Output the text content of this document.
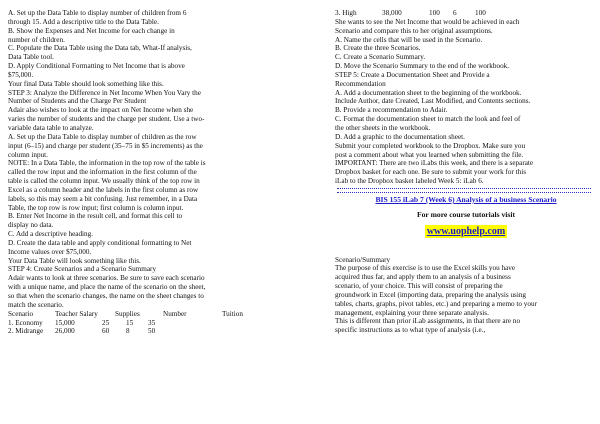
A. Set up the Data Table to display number of children from 6
through 15. Add a descriptive title to the Data Table.
B. Show the Expenses and Net Income for each change in
number of children.
C. Populate the Data Table using the Data tab, What-If analysis,
Data Table tool.
D. Apply Conditional Formatting to Net Income that is above
$75,000.
Your final Data Table should look something like this.
STEP 3: Analyze the Difference in Net Income When You Vary the
Number of Students and the Charge Per Student
Adair also wishes to look at the impact on Net Income when she
varies the number of students and the charge per student. Use a two-
variable data table to analyze.
A. Set up the Data Table to display number of children as the row
input (6–15) and charge per student (35–75 in $5 increments) as the
column input.
NOTE: In a Data Table, the information in the top row of the table is
called the row input and the information in the first column of the
table is called the column input. We usually think of the top row in
Excel as a column header and the labels in the first column as row
labels, so this may seem a bit confusing. Just remember, in a Data
Table, the top row is row input; first column is column input.
B. Enter Net Income in the result cell, and format this cell to
display no data.
C. Add a descriptive heading.
D. Create the data table and apply conditional formatting to Net
Income values over $75,000.
Your Data Table will look something like this.
STEP 4: Create Scenarios and a Scenario Summary
Adair wants to look at three scenarios. Be sure to save each scenario
with a unique name, and place the name of the scenario on the sheet,
so that when the scenario changes, the name on the sheet changes to
match the scenario.
Scenario	Teacher Salary	Supplies	Number	Tuition
1. Economy	15,000	25	15	35
2. Midrange	26,000	60	8	50
3. High	38,000	100	6	100
She wants to see the Net Income that would be achieved in each
Scenario and compare this to her original assumptions.
A. Name the cells that will be used in the Scenario.
B. Create the three Scenarios.
C. Create a Scenario Summary.
D. Move the Scenario Summary to the end of the workbook.
STEP 5: Create a Documentation Sheet and Provide a
Recommendation
A. Add a documentation sheet to the beginning of the workbook.
Include Author, date Created, Last Modified, and Contents sections.
B. Provide a recommendation to Adair.
C. Format the documentation sheet to match the look and feel of
the other sheets in the workbook.
D. Add a graphic to the documentation sheet.
Submit your completed workbook to the Dropbox. Make sure you
post a comment about what you learned when submitting the file.
IMPORTANT: There are two iLabs this week, and there is a separate
Dropbox basket for each one. Be sure to submit your work for this
iLab to the Dropbox basket labeled Week 5: iLab 6.
BIS 155 iLab 7 (Week 6) Analysis of a business Scenario
For more course tutorials visit
www.uophelp.com
Scenario/Summary
The purpose of this exercise is to use the Excel skills you have
acquired thus far, and apply them to an analysis of a business
scenario, of your choice. This will consist of preparing the
groundwork in Excel (importing data, preparing the analysis using
tables, charts, graphs, pivot tables, etc.) and preparing a memo to your
management, explaining your three separate analysis.
This is different than prior iLab assignments, in that there are no
specific instructions as to what type of analysis (i.e.,
